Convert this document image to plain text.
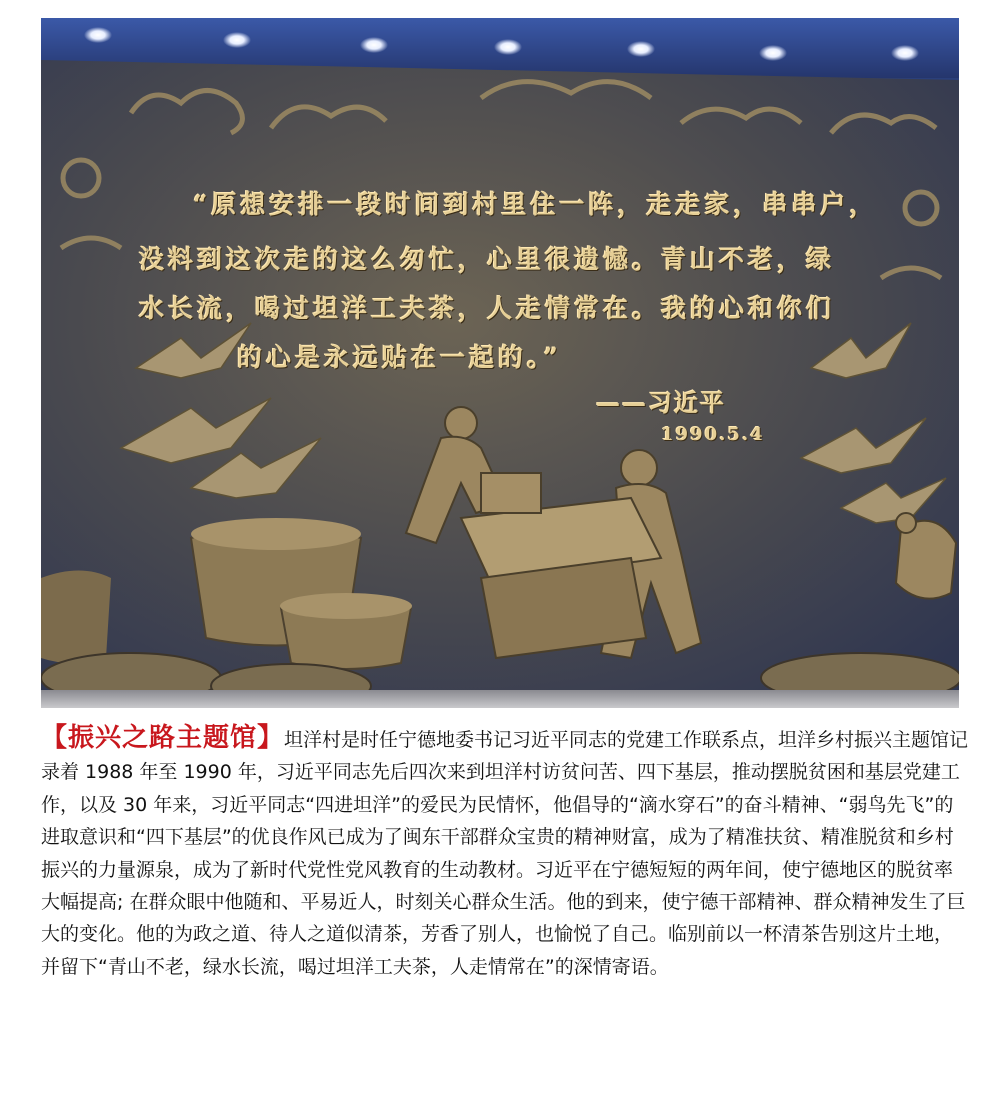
“原想安排一段时间到村里住一阵，走走家，串串户，
没料到这次走的这么匆忙，心里很遗憾。青山不老，绿
水长流，喝过坦洋工夫茶，人走情常在。我的心和你们
的心是永远贴在一起的。”
——习近平
1990.5.4

【振兴之路主题馆】坦洋村是时任宁德地委书记习近平同志的党建工作联系点，坦洋乡村振兴主题馆记录着 1988 年至 1990 年，习近平同志先后四次来到坦洋村访贫问苦、四下基层，推动摆脱贫困和基层党建工作，以及 30 年来，习近平同志“四进坦洋”的爱民为民情怀，他倡导的“滴水穿石”的奋斗精神、“弱鸟先飞”的进取意识和“四下基层”的优良作风已成为了闽东干部群众宝贵的精神财富，成为了精准扶贫、精准脱贫和乡村振兴的力量源泉，成为了新时代党性党风教育的生动教材。习近平在宁德短短的两年间，使宁德地区的脱贫率大幅提高; 在群众眼中他随和、平易近人，时刻关心群众生活。他的到来，使宁德干部精神、群众精神发生了巨大的变化。他的为政之道、待人之道似清茶，芳香了别人，也愉悦了自己。临别前以一杯清茶告别这片土地，并留下“青山不老，绿水长流，喝过坦洋工夫茶，人走情常在”的深情寄语。
